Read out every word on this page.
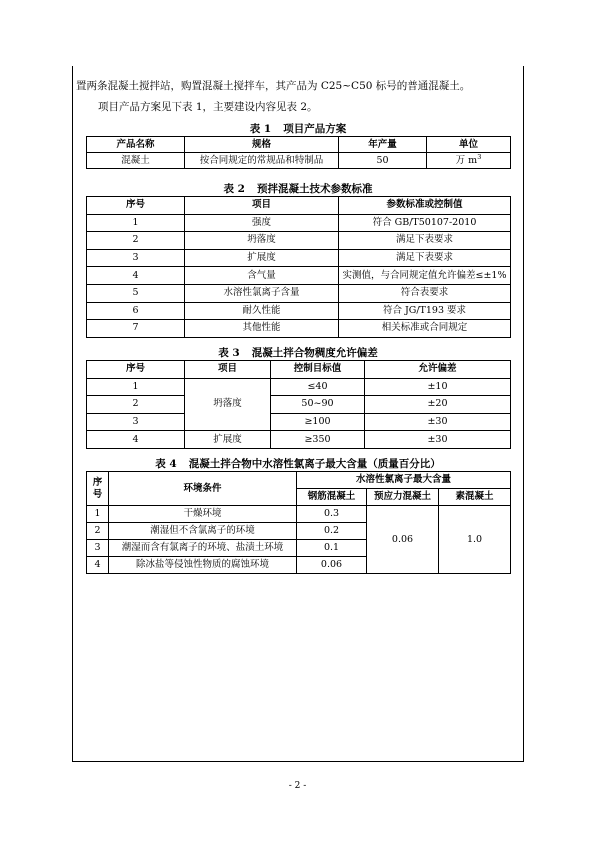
置两条混凝土搅拌站，购置混凝土搅拌车，其产品为 C25~C50 标号的普通混凝土。
项目产品方案见下表 1，主要建设内容见表 2。
表 1 项目产品方案
产品名称	规格	年产量	单位
混凝土	按合同规定的常规品和特制品	50	万 $m^3$
表 2 预拌混凝土技术参数标准
序号	项目	参数标准或控制值
1	强度	符合 GB/T50107-2010
2	坍落度	满足下表要求
3	扩展度	满足下表要求
4	含气量	实测值，与合同规定值允许偏差≤±1%
5	水溶性氯离子含量	符合表要求
6	耐久性能	符合 JG/T193 要求
7	其他性能	相关标准或合同规定
表 3 混凝土拌合物稠度允许偏差
序号	项目	控制目标值	允许偏差
1	坍落度	≤40	±10
2		50~90	±20
3		≥100	±30
4	扩展度	≥350	±30
表 4 混凝土拌合物中水溶性氯离子最大含量（质量百分比）
序号	环境条件	水溶性氯离子最大含量		
		钢筋混凝土	预应力混凝土	素混凝土
1	干燥环境	0.3	0.06	1.0
2	潮湿但不含氯离子的环境	0.2		
3	潮湿而含有氯离子的环境、盐渍土环境	0.1		
4	除冰盐等侵蚀性物质的腐蚀环境	0.06		
- 2 -
